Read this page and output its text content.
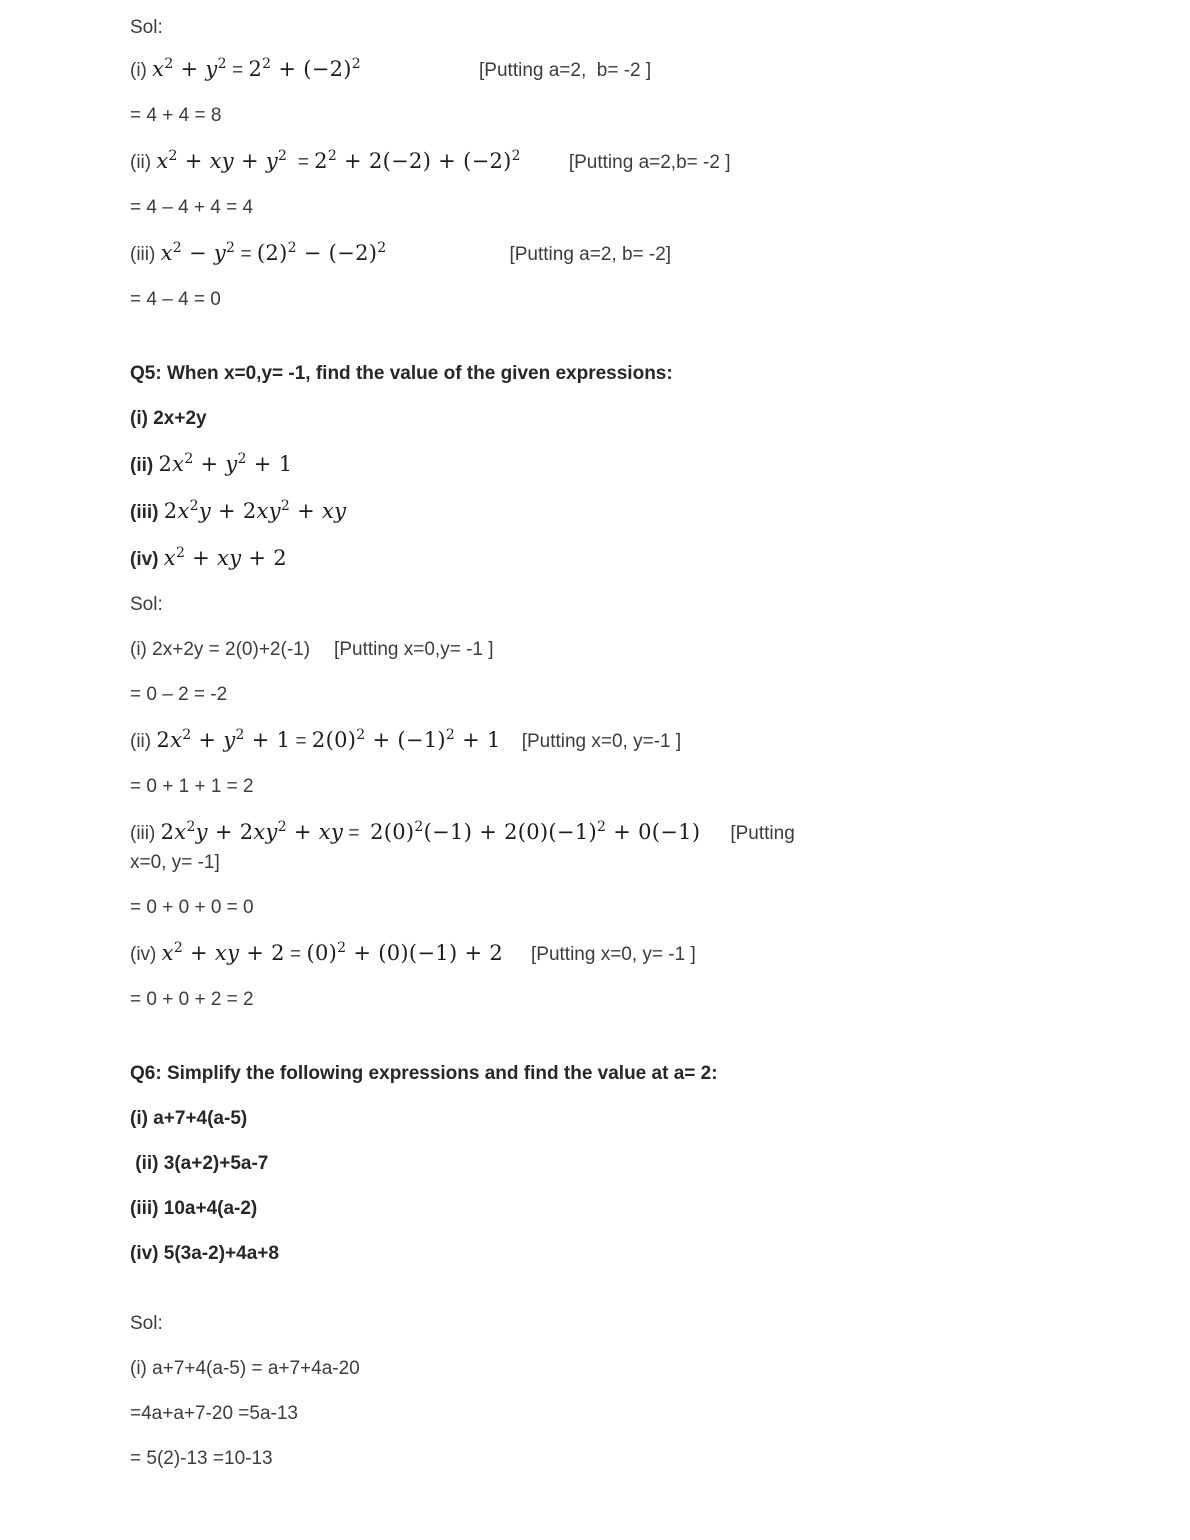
Sol:
(i) $x^2 + y^2 = 2^2 + (-2)^2$	[Putting a=2,  b= -2 ]
= 4 + 4 = 8
(ii) $x^2$ + xy + $y^2 = 2^2 + 2(-2) + (-2)^2$	[Putting a=2,b= -2 ]
= 4 – 4 + 4 = 4
(iii) $x^2 - y^2 = (2)^2 - (-2)^2$	[Putting a=2, b= -2]
= 4 – 4 = 0
Q5: When x=0,y= -1, find the value of the given expressions:
(i) 2x+2y
(ii) $2x^2 + y^2 + 1$
(iii) $2x^2y + 2xy^2$ + xy
(iv) $x^2$ + xy + 2
Sol:
(i) 2x+2y = 2(0)+2(-1) [Putting x=0,y= -1 ]
= 0 – 2 = -2
(ii) $2x^2 + y^2 + 1 = 2(0)^2 + (-1)^2 + 1$ [Putting x=0, y=-1 ]
= 0 + 1 + 1 = 2
(iii) $2x^2y + 2xy^2$ + xy =  $2(0)^2(-1) + 2(0)(-1)^2 + 0(-1)$ [Putting
x=0, y= -1]
= 0 + 0 + 0 = 0
(iv) $x^2$ + xy + $2 = (0)^2 + (0)(-1) + 2$ [Putting x=0, y= -1 ]
= 0 + 0 + 2 = 2
Q6: Simplify the following expressions and find the value at a= 2:
(i) a+7+4(a-5)
(ii) 3(a+2)+5a-7
(iii) 10a+4(a-2)
(iv) 5(3a-2)+4a+8
Sol:
(i) a+7+4(a-5) = a+7+4a-20
=4a+a+7-20 =5a-13
= 5(2)-13 =10-13
